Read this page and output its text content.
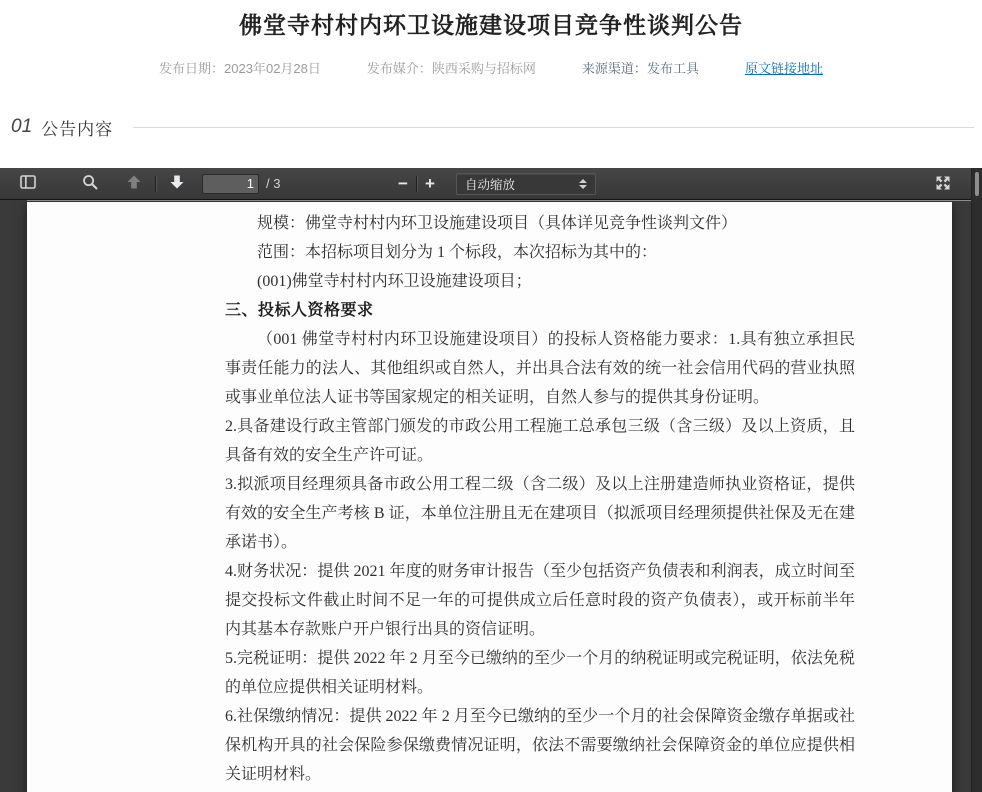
佛堂寺村村内环卫设施建设项目竞争性谈判公告
发布日期：2023年02月28日	发布媒介：陕西采购与招标网	来源渠道：发布工具	原文链接地址
01 公告内容
1
/ 3	− + 自动缩放

规模：佛堂寺村村内环卫设施建设项目（具体详见竞争性谈判文件）

范围：本招标项目划分为 1 个标段，本次招标为其中的：

(001)佛堂寺村村内环卫设施建设项目；

三、投标人资格要求

（001 佛堂寺村村内环卫设施建设项目）的投标人资格能力要求：1.具有独立承担民事责任能力的法人、其他组织或自然人，并出具合法有效的统一社会信用代码的营业执照或事业单位法人证书等国家规定的相关证明，自然人参与的提供其身份证明。

2.具备建设行政主管部门颁发的市政公用工程施工总承包三级（含三级）及以上资质，且具备有效的安全生产许可证。

3.拟派项目经理须具备市政公用工程二级（含二级）及以上注册建造师执业资格证，提供有效的安全生产考核 B 证，本单位注册且无在建项目（拟派项目经理须提供社保及无在建承诺书）。

4.财务状况：提供 2021 年度的财务审计报告（至少包括资产负债表和利润表，成立时间至提交投标文件截止时间不足一年的可提供成立后任意时段的资产负债表），或开标前半年内其基本存款账户开户银行出具的资信证明。

5.完税证明：提供 2022 年 2 月至今已缴纳的至少一个月的纳税证明或完税证明，依法免税的单位应提供相关证明材料。

6.社保缴纳情况：提供 2022 年 2 月至今已缴纳的至少一个月的社会保障资金缴存单据或社保机构开具的社会保险参保缴费情况证明，依法不需要缴纳社会保障资金的单位应提供相关证明材料。
